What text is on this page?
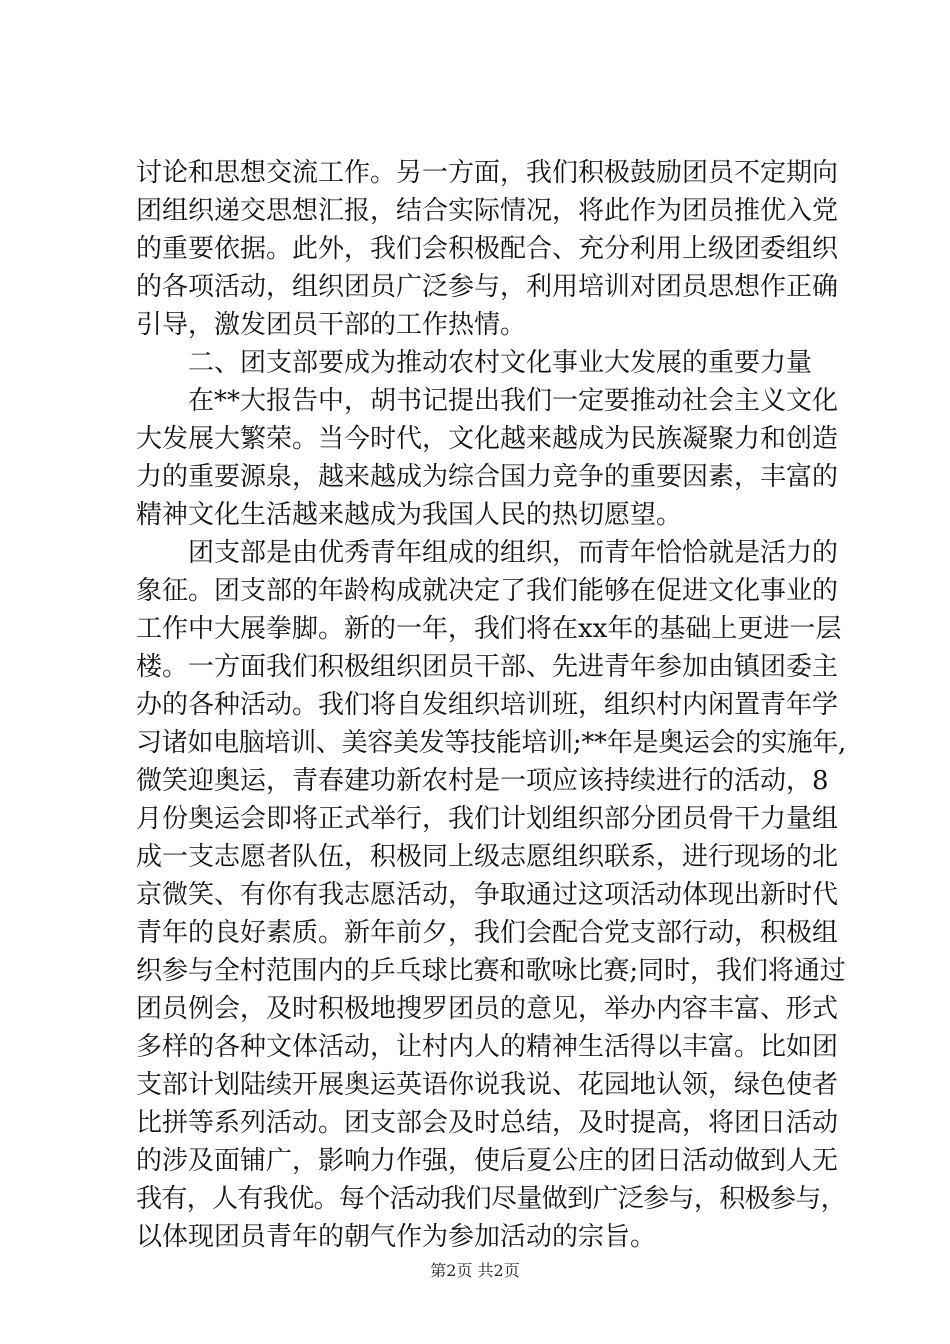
讨论和思想交流工作。另一方面，我们积极鼓励团员不定期向
团组织递交思想汇报，结合实际情况，将此作为团员推优入党
的重要依据。此外，我们会积极配合、充分利用上级团委组织
的各项活动，组织团员广泛参与，利用培训对团员思想作正确
引导，激发团员干部的工作热情。
二、团支部要成为推动农村文化事业大发展的重要力量
在**大报告中，胡书记提出我们一定要推动社会主义文化
大发展大繁荣。当今时代，文化越来越成为民族凝聚力和创造
力的重要源泉，越来越成为综合国力竞争的重要因素，丰富的
精神文化生活越来越成为我国人民的热切愿望。
团支部是由优秀青年组成的组织，而青年恰恰就是活力的
象征。团支部的年龄构成就决定了我们能够在促进文化事业的
工作中大展拳脚。新的一年，我们将在xx年的基础上更进一层
楼。一方面我们积极组织团员干部、先进青年参加由镇团委主
办的各种活动。我们将自发组织培训班，组织村内闲置青年学
习诸如电脑培训、美容美发等技能培训;**年是奥运会的实施年,
微笑迎奥运，青春建功新农村是一项应该持续进行的活动，8
月份奥运会即将正式举行，我们计划组织部分团员骨干力量组
成一支志愿者队伍，积极同上级志愿组织联系，进行现场的北
京微笑、有你有我志愿活动，争取通过这项活动体现出新时代
青年的良好素质。新年前夕，我们会配合党支部行动，积极组
织参与全村范围内的乒乓球比赛和歌咏比赛;同时，我们将通过
团员例会，及时积极地搜罗团员的意见，举办内容丰富、形式
多样的各种文体活动，让村内人的精神生活得以丰富。比如团
支部计划陆续开展奥运英语你说我说、花园地认领，绿色使者
比拼等系列活动。团支部会及时总结，及时提高，将团日活动
的涉及面铺广，影响力作强，使后夏公庄的团日活动做到人无
我有，人有我优。每个活动我们尽量做到广泛参与，积极参与，
以体现团员青年的朝气作为参加活动的宗旨。
第2页 共2页
